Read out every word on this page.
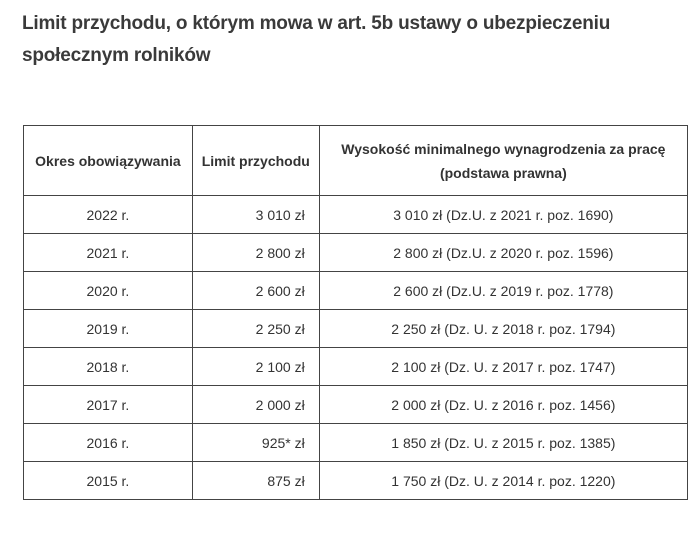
Limit przychodu, o którym mowa w art. 5b ustawy o ubezpieczeniu społecznym rolników
Okres obowiązywania	Limit przychodu	Wysokość minimalnego wynagrodzenia za pracę (podstawa prawna)
2022 r.	3 010 zł	3 010 zł (Dz.U. z 2021 r. poz. 1690)
2021 r.	2 800 zł	2 800 zł (Dz.U. z 2020 r. poz. 1596)
2020 r.	2 600 zł	2 600 zł (Dz.U. z 2019 r. poz. 1778)
2019 r.	2 250 zł	2 250 zł (Dz. U. z 2018 r. poz. 1794)
2018 r.	2 100 zł	2 100 zł (Dz. U. z 2017 r. poz. 1747)
2017 r.	2 000 zł	2 000 zł (Dz. U. z 2016 r. poz. 1456)
2016 r.	925* zł	1 850 zł (Dz. U. z 2015 r. poz. 1385)
2015 r.	875 zł	1 750 zł (Dz. U. z 2014 r. poz. 1220)
